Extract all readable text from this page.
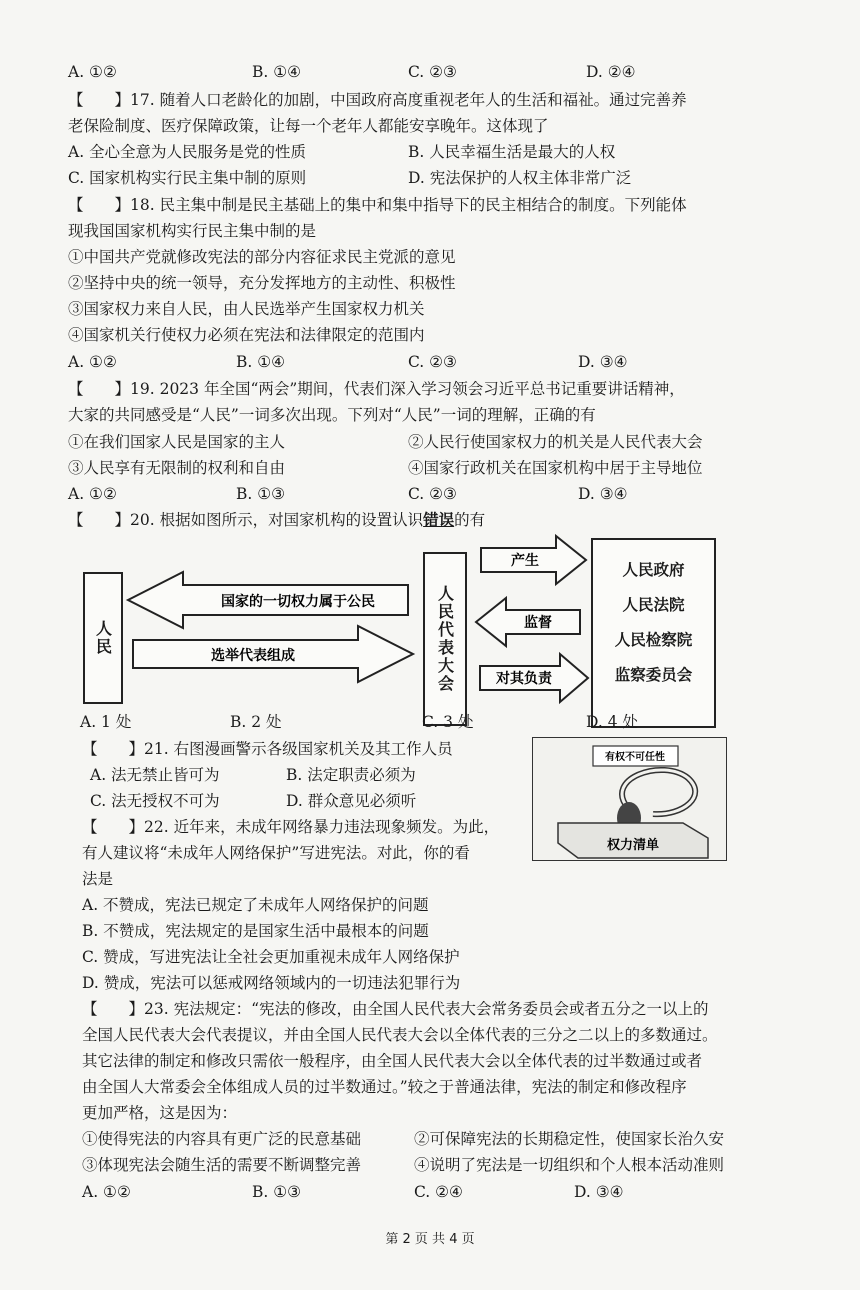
A. ①②	B. ①④	C. ②③	D. ②④
【　　】17. 随着人口老龄化的加剧，中国政府高度重视老年人的生活和福祉。通过完善养
老保险制度、医疗保障政策，让每一个老年人都能安享晚年。这体现了
A. 全心全意为人民服务是党的性质	B. 人民幸福生活是最大的人权
C. 国家机构实行民主集中制的原则	D. 宪法保护的人权主体非常广泛
【　　】18. 民主集中制是民主基础上的集中和集中指导下的民主相结合的制度。下列能体
现我国国家机构实行民主集中制的是
①中国共产党就修改宪法的部分内容征求民主党派的意见
②坚持中央的统一领导，充分发挥地方的主动性、积极性
③国家权力来自人民，由人民选举产生国家权力机关
④国家机关行使权力必须在宪法和法律限定的范围内
A. ①②	B. ①④	C. ②③	D. ③④
【　　】19. 2023 年全国“两会”期间，代表们深入学习领会习近平总书记重要讲话精神，
大家的共同感受是“人民”一词多次出现。下列对“人民”一词的理解，正确的有
①在我们国家人民是国家的主人	②人民行使国家权力的机关是人民代表大会
③人民享有无限制的权利和自由	④国家行政机关在国家机构中居于主导地位
A. ①②	B. ①③	C. ②③	D. ③④
【　　】20. 根据如图所示，对国家机构的设置认识错误的有
人民	人民代表大会
人民政府
人民法院
人民检察院
监察委员会
国家的一切权力属于公民
选举代表组成
产生
监督
对其负责
A. 1 处	B. 2 处	C. 3 处	D. 4 处
【　　】21. 右图漫画警示各级国家机关及其工作人员
A. 法无禁止皆可为	B. 法定职责必须为
C. 法无授权不可为	D. 群众意见必须听
有权不可任性
权力清单
【　　】22. 近年来，未成年网络暴力违法现象频发。为此，
有人建议将“未成年人网络保护”写进宪法。对此，你的看
法是
A. 不赞成，宪法已规定了未成年人网络保护的问题
B. 不赞成，宪法规定的是国家生活中最根本的问题
C. 赞成，写进宪法让全社会更加重视未成年人网络保护
D. 赞成，宪法可以惩戒网络领域内的一切违法犯罪行为
【　　】23. 宪法规定：“宪法的修改，由全国人民代表大会常务委员会或者五分之一以上的
全国人民代表大会代表提议，并由全国人民代表大会以全体代表的三分之二以上的多数通过。
其它法律的制定和修改只需依一般程序，由全国人民代表大会以全体代表的过半数通过或者
由全国人大常委会全体组成人员的过半数通过。”较之于普通法律，宪法的制定和修改程序
更加严格，这是因为：
①使得宪法的内容具有更广泛的民意基础	②可保障宪法的长期稳定性，使国家长治久安
③体现宪法会随生活的需要不断调整完善	④说明了宪法是一切组织和个人根本活动准则
A. ①②	B. ①③	C. ②④	D. ③④
第 2 页 共 4 页
